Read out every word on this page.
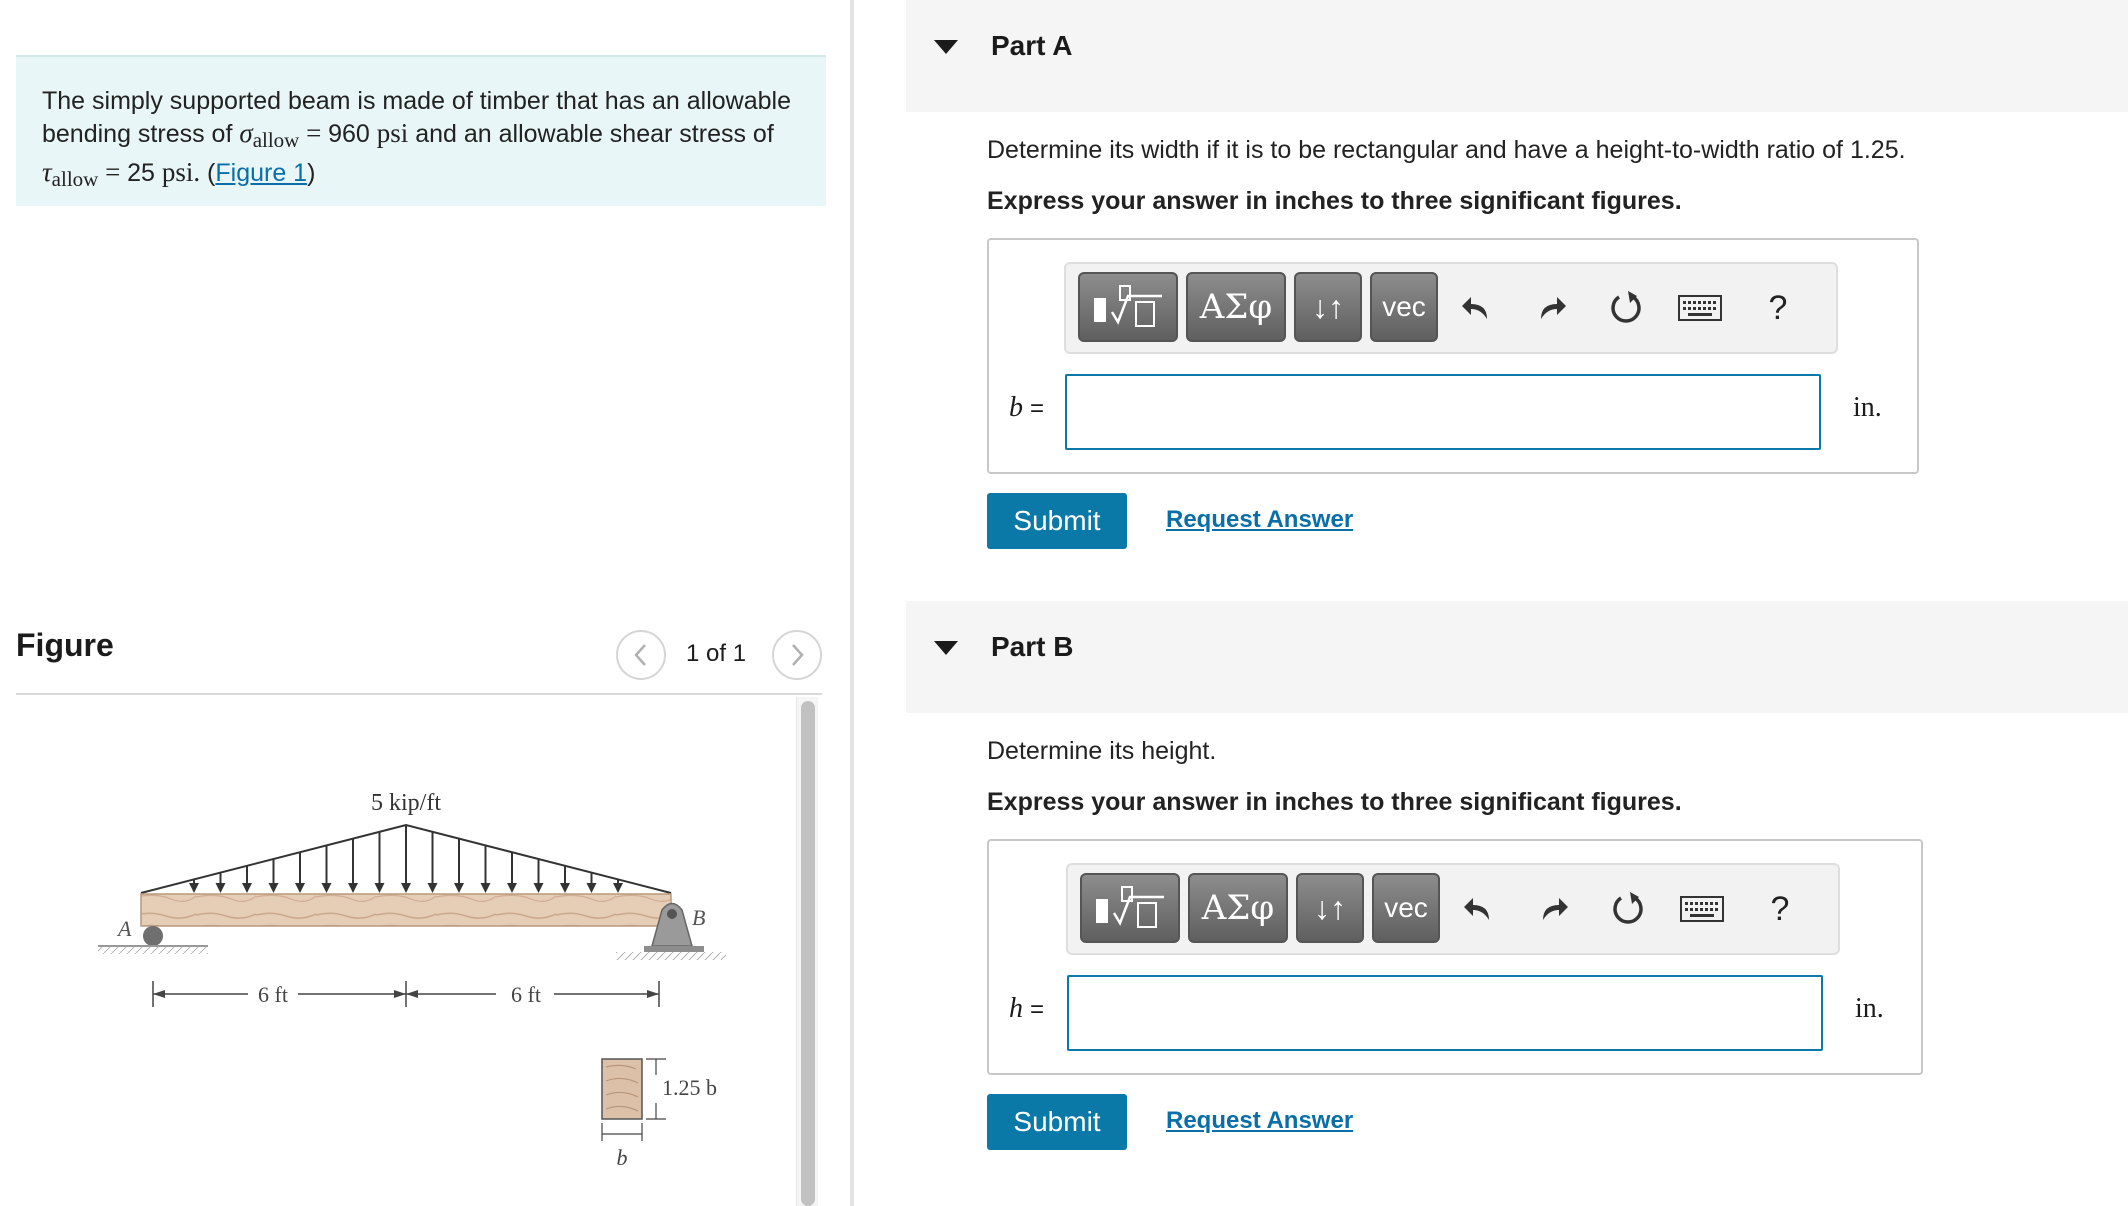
The simply supported beam is made of timber that has an allowable bending stress of $\sigma_{allow} = 960$ psi and an allowable shear stress of $\tau_{allow} = 25$ psi. (Figure 1)
Figure	1 of 1
5 kip/ft
A	B
6 ft	6 ft
1.25 b
b
Part A
Determine its width if it is to be rectangular and have a height-to-width ratio of 1.25.
Express your answer in inches to three significant figures.
ΑΣφ	↓↑	vec	?
b =	in.
Submit	Request Answer
Part B
Determine its height.
Express your answer in inches to three significant figures.
ΑΣφ	↓↑	vec	?
h =	in.
Submit	Request Answer
